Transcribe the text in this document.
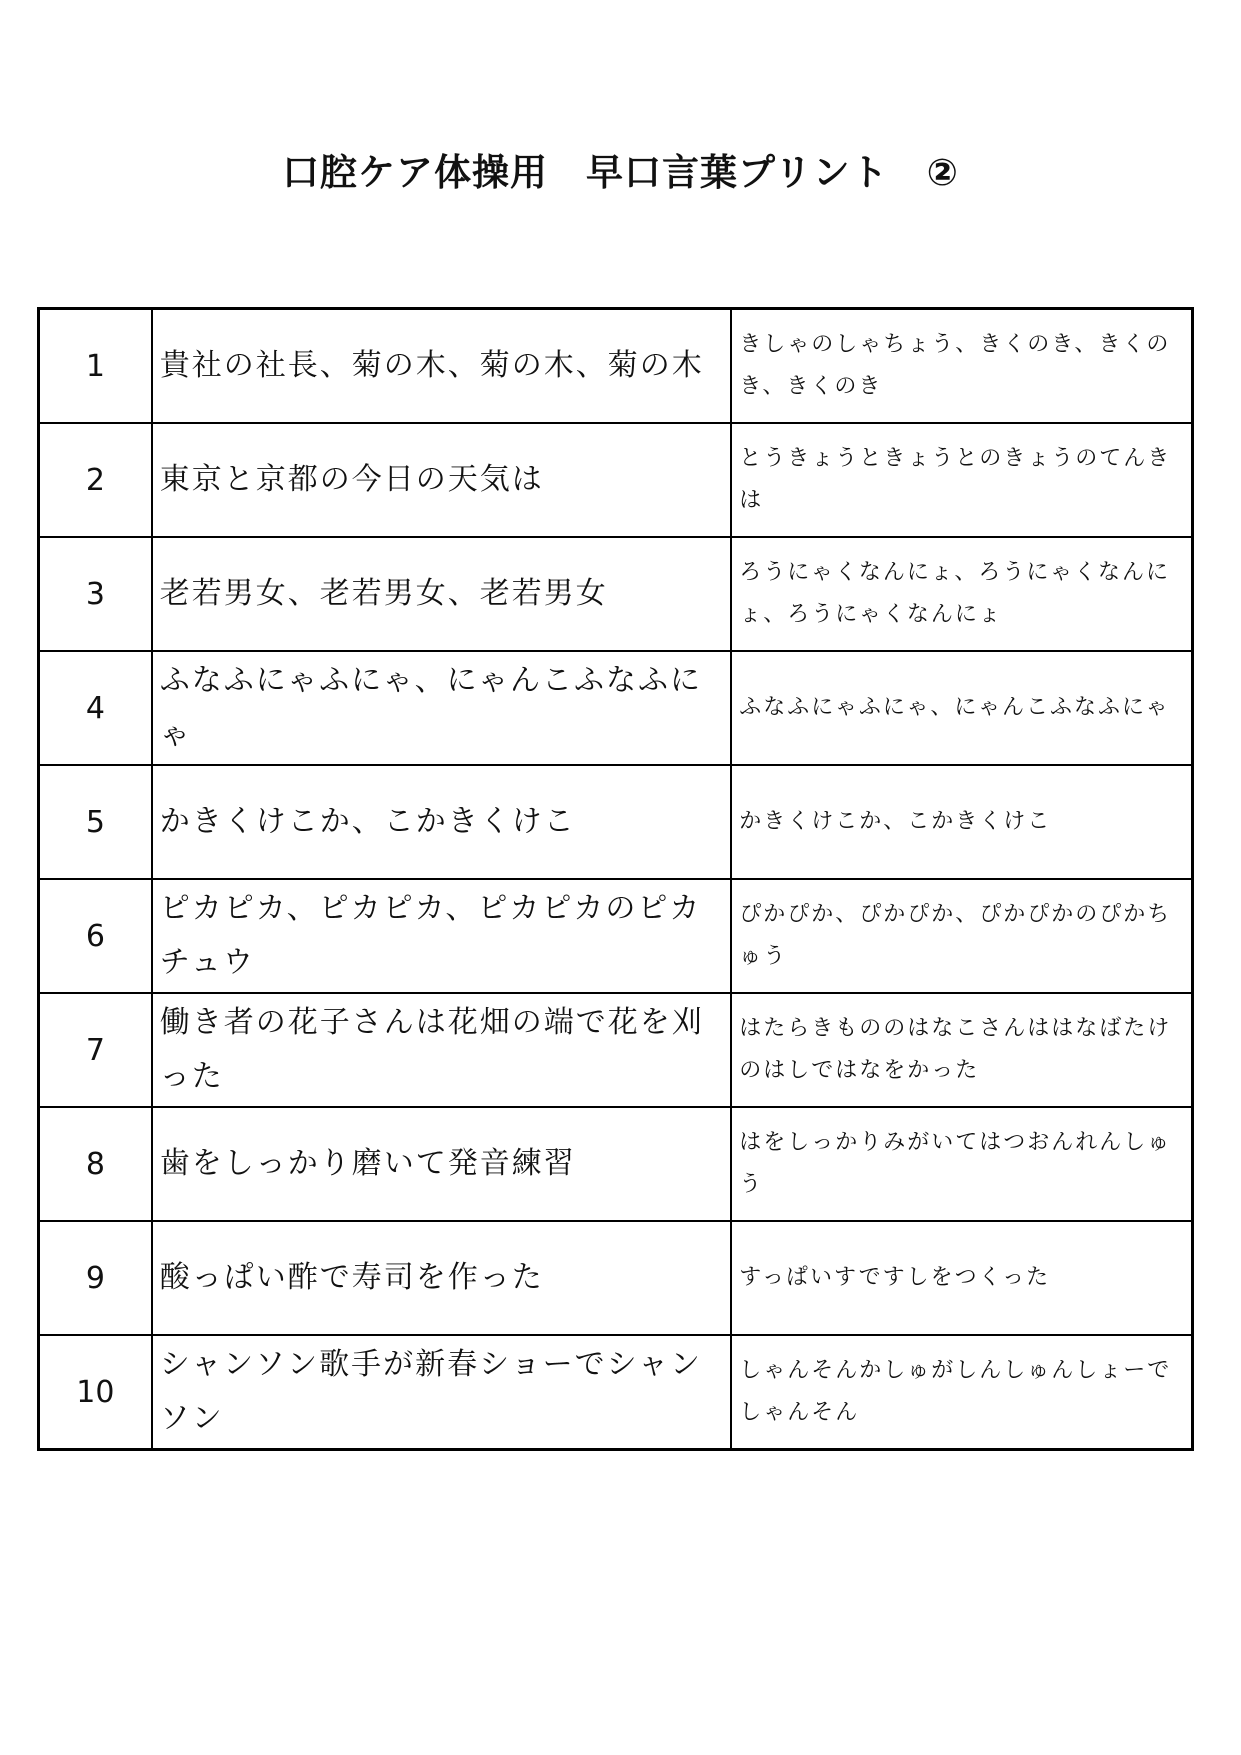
口腔ケア体操用　早口言葉プリント　②
1	貴社の社長、菊の木、菊の木、菊の木	きしゃのしゃちょう、きくのき、きくのき、きくのき
2	東京と京都の今日の天気は	とうきょうときょうとのきょうのてんきは
3	老若男女、老若男女、老若男女	ろうにゃくなんにょ、ろうにゃくなんにょ、ろうにゃくなんにょ
4	ふなふにゃふにゃ、にゃんこふなふにゃ	ふなふにゃふにゃ、にゃんこふなふにゃ
5	かきくけこか、こかきくけこ	かきくけこか、こかきくけこ
6	ピカピカ、ピカピカ、ピカピカのピカチュウ	ぴかぴか、ぴかぴか、ぴかぴかのぴかちゅう
7	働き者の花子さんは花畑の端で花を刈った	はたらきもののはなこさんははなばたけのはしではなをかった
8	歯をしっかり磨いて発音練習	はをしっかりみがいてはつおんれんしゅう
9	酸っぱい酢で寿司を作った	すっぱいすですしをつくった
10	シャンソン歌手が新春ショーでシャンソン	しゃんそんかしゅがしんしゅんしょーでしゃんそん
